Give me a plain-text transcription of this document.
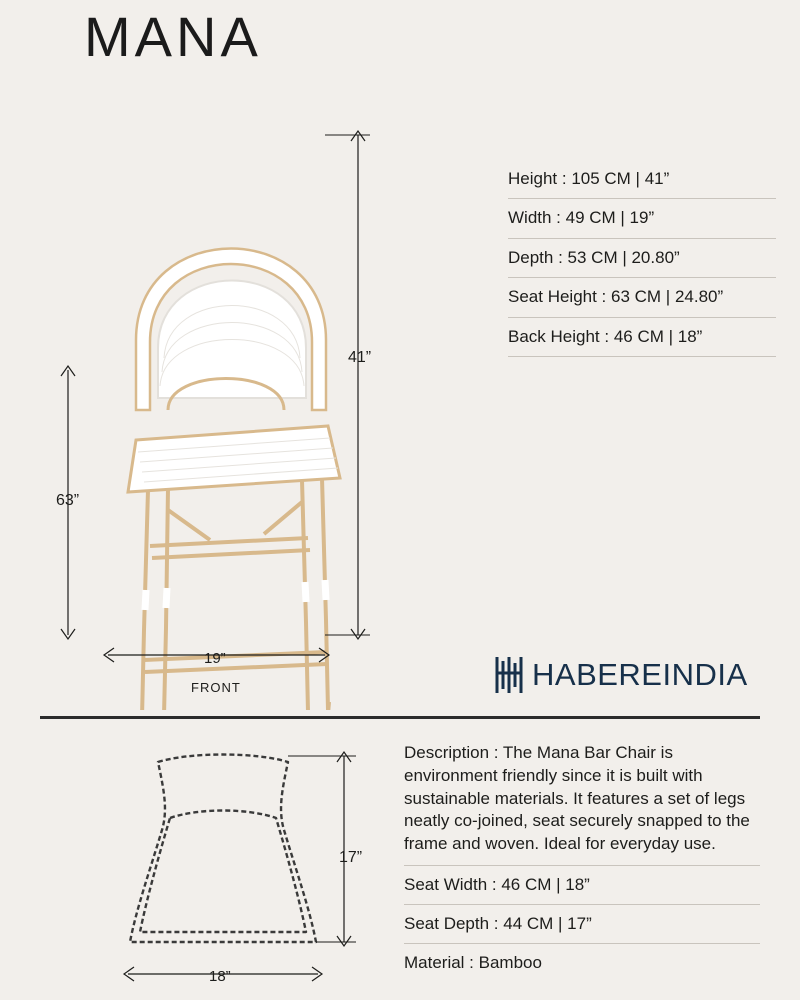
MANA
41”
63”
19”
FRONT
Height : 105 CM | 41”
Width : 49 CM | 19”
Depth : 53 CM | 20.80”
Seat Height : 63 CM | 24.80”
Back Height : 46 CM | 18”
HABEREINDIA
17”
18”
Description : The Mana Bar Chair is environment friendly since it is built with sustainable materials. It features a set of legs neatly co-joined, seat securely snapped to the frame and woven. Ideal for everyday use.
Seat Width : 46 CM | 18”
Seat Depth : 44 CM | 17”
Material : Bamboo
